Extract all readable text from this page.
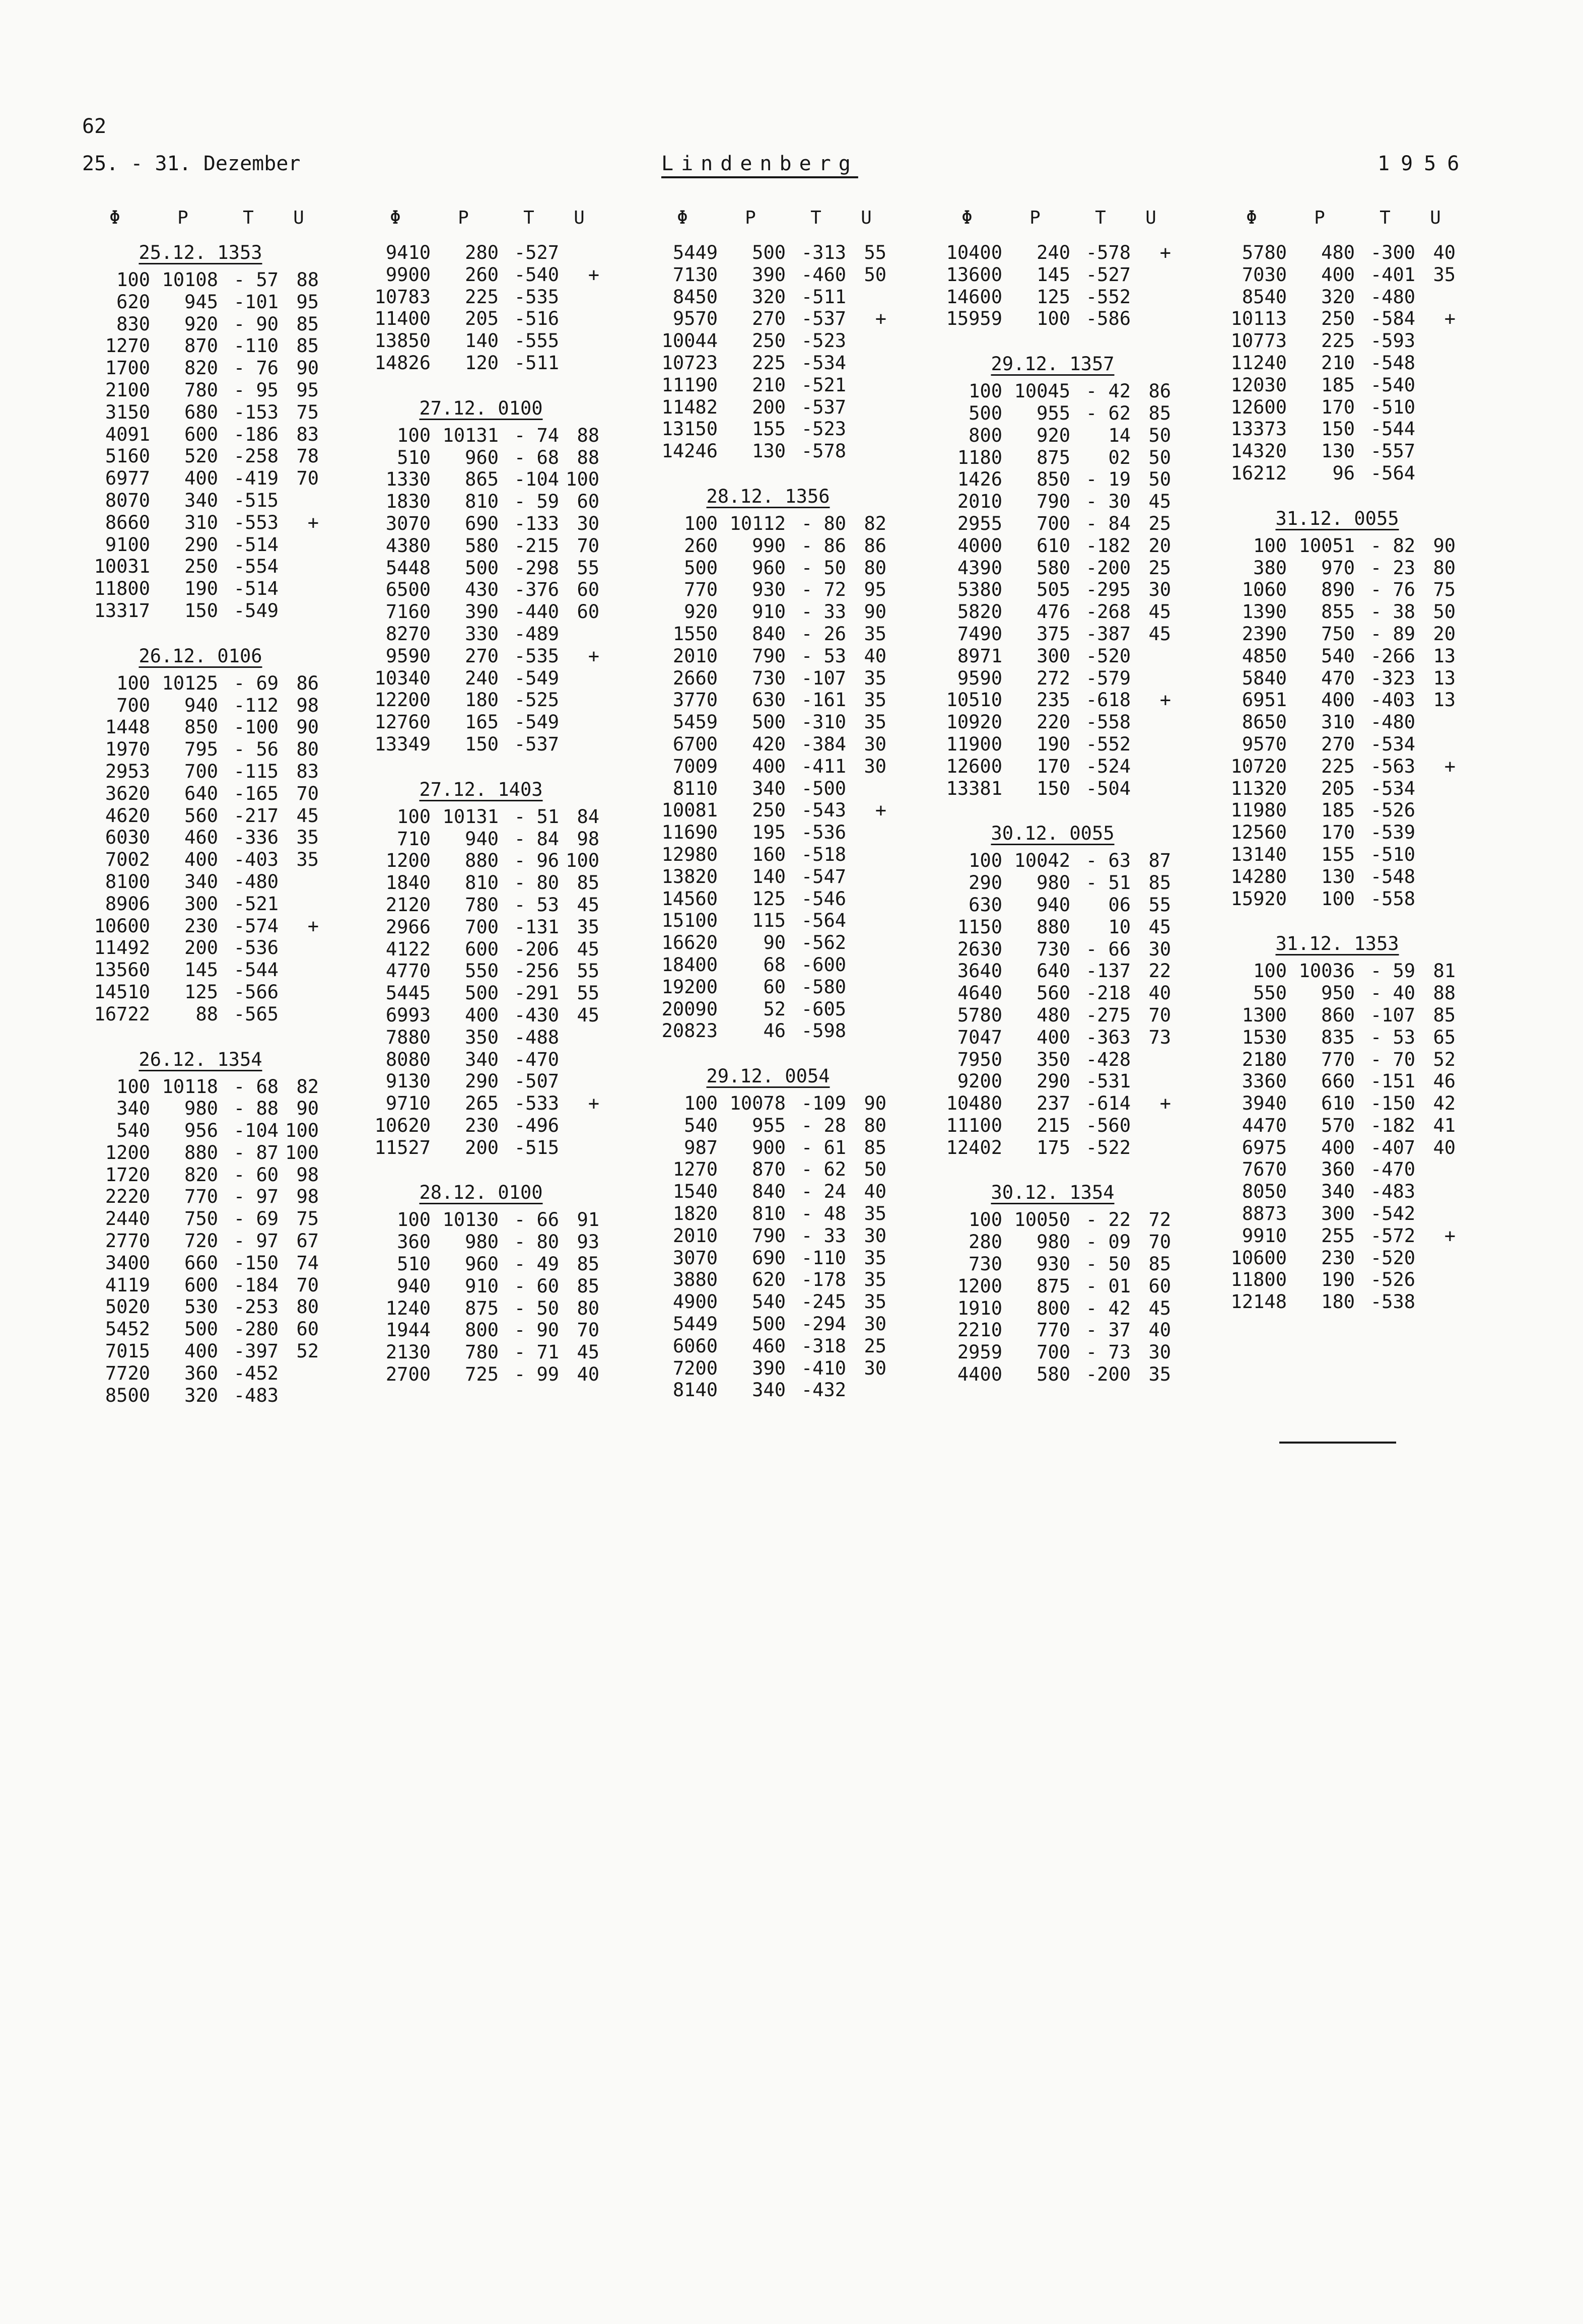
62
25. - 31. Dezember	Lindenberg	1956
Φ	P	T	U
25.12. 1353
100 10108 - 57 88
620	945 -101 95
830	920 - 90 85
1270	870 -110 85
1700	820 - 76 90
2100	780 - 95 95
3150	680 -153 75
4091	600 -186 83
5160	520 -258 78
6977	400 -419 70
8070	340 -515
8660	310 -553	+
9100	290 -514
10031	250 -554
11800	190 -514
13317	150 -549
26.12. 0106
100 10125 - 69 86
700	940 -112 98
1448	850 -100 90
1970	795 - 56 80
2953	700 -115 83
3620	640 -165 70
4620	560 -217 45
6030	460 -336 35
7002	400 -403 35
8100	340 -480
8906	300 -521
10600	230 -574	+
11492	200 -536
13560	145 -544
14510	125 -566
16722	88 -565
26.12. 1354
100 10118 - 68 82
340	980 - 88 90
540	956 -104 100
1200	880 - 87 100
1720	820 - 60 98
2220	770 - 97 98
2440	750 - 69 75
2770	720 - 97 67
3400	660 -150 74
4119	600 -184 70
5020	530 -253 80
5452	500 -280 60
7015	400 -397 52
7720	360 -452
8500	320 -483
Φ	P	T	U
9410	280 -527
9900	260 -540	+
10783	225 -535
11400	205 -516
13850	140 -555
14826	120 -511
27.12. 0100
100 10131 - 74 88
510	960 - 68 88
1330	865 -104 100
1830	810 - 59 60
3070	690 -133 30
4380	580 -215 70
5448	500 -298 55
6500	430 -376 60
7160	390 -440 60
8270	330 -489
9590	270 -535	+
10340	240 -549
12200	180 -525
12760	165 -549
13349	150 -537
27.12. 1403
100 10131 - 51 84
710	940 - 84 98
1200	880 - 96 100
1840	810 - 80 85
2120	780 - 53 45
2966	700 -131 35
4122	600 -206 45
4770	550 -256 55
5445	500 -291 55
6993	400 -430 45
7880	350 -488
8080	340 -470
9130	290 -507
9710	265 -533	+
10620	230 -496
11527	200 -515
28.12. 0100
100 10130 - 66 91
360	980 - 80 93
510	960 - 49 85
940	910 - 60 85
1240	875 - 50 80
1944	800 - 90 70
2130	780 - 71 45
2700	725 - 99 40
Φ	P	T	U
5449	500 -313 55
7130	390 -460 50
8450	320 -511
9570	270 -537	+
10044	250 -523
10723	225 -534
11190	210 -521
11482	200 -537
13150	155 -523
14246	130 -578
28.12. 1356
100 10112 - 80 82
260	990 - 86 86
500	960 - 50 80
770	930 - 72 95
920	910 - 33 90
1550	840 - 26 35
2010	790 - 53 40
2660	730 -107 35
3770	630 -161 35
5459	500 -310 35
6700	420 -384 30
7009	400 -411 30
8110	340 -500
10081	250 -543	+
11690	195 -536
12980	160 -518
13820	140 -547
14560	125 -546
15100	115 -564
16620	90 -562
18400	68 -600
19200	60 -580
20090	52 -605
20823	46 -598
29.12. 0054
100 10078 -109 90
540	955 - 28 80
987	900 - 61 85
1270	870 - 62 50
1540	840 - 24 40
1820	810 - 48 35
2010	790 - 33 30
3070	690 -110 35
3880	620 -178 35
4900	540 -245 35
5449	500 -294 30
6060	460 -318 25
7200	390 -410 30
8140	340 -432
Φ	P	T	U
10400	240 -578	+
13600	145 -527
14600	125 -552
15959	100 -586
29.12. 1357
100 10045 - 42 86
500	955 - 62 85
800	920	14 50
1180	875	02 50
1426	850 - 19 50
2010	790 - 30 45
2955	700 - 84 25
4000	610 -182 20
4390	580 -200 25
5380	505 -295 30
5820	476 -268 45
7490	375 -387 45
8971	300 -520
9590	272 -579
10510	235 -618	+
10920	220 -558
11900	190 -552
12600	170 -524
13381	150 -504
30.12. 0055
100 10042 - 63 87
290	980 - 51 85
630	940	06 55
1150	880	10 45
2630	730 - 66 30
3640	640 -137 22
4640	560 -218 40
5780	480 -275 70
7047	400 -363 73
7950	350 -428
9200	290 -531
10480	237 -614	+
11100	215 -560
12402	175 -522
30.12. 1354
100 10050 - 22 72
280	980 - 09 70
730	930 - 50 85
1200	875 - 01 60
1910	800 - 42 45
2210	770 - 37 40
2959	700 - 73 30
4400	580 -200 35
Φ	P	T	U
5780	480 -300 40
7030	400 -401 35
8540	320 -480
10113	250 -584	+
10773	225 -593
11240	210 -548
12030	185 -540
12600	170 -510
13373	150 -544
14320	130 -557
16212	96 -564
31.12. 0055
100 10051 - 82 90
380	970 - 23 80
1060	890 - 76 75
1390	855 - 38 50
2390	750 - 89 20
4850	540 -266 13
5840	470 -323 13
6951	400 -403 13
8650	310 -480
9570	270 -534
10720	225 -563	+
11320	205 -534
11980	185 -526
12560	170 -539
13140	155 -510
14280	130 -548
15920	100 -558
31.12. 1353
100 10036 - 59 81
550	950 - 40 88
1300	860 -107 85
1530	835 - 53 65
2180	770 - 70 52
3360	660 -151 46
3940	610 -150 42
4470	570 -182 41
6975	400 -407 40
7670	360 -470
8050	340 -483
8873	300 -542
9910	255 -572	+
10600	230 -520
11800	190 -526
12148	180 -538
